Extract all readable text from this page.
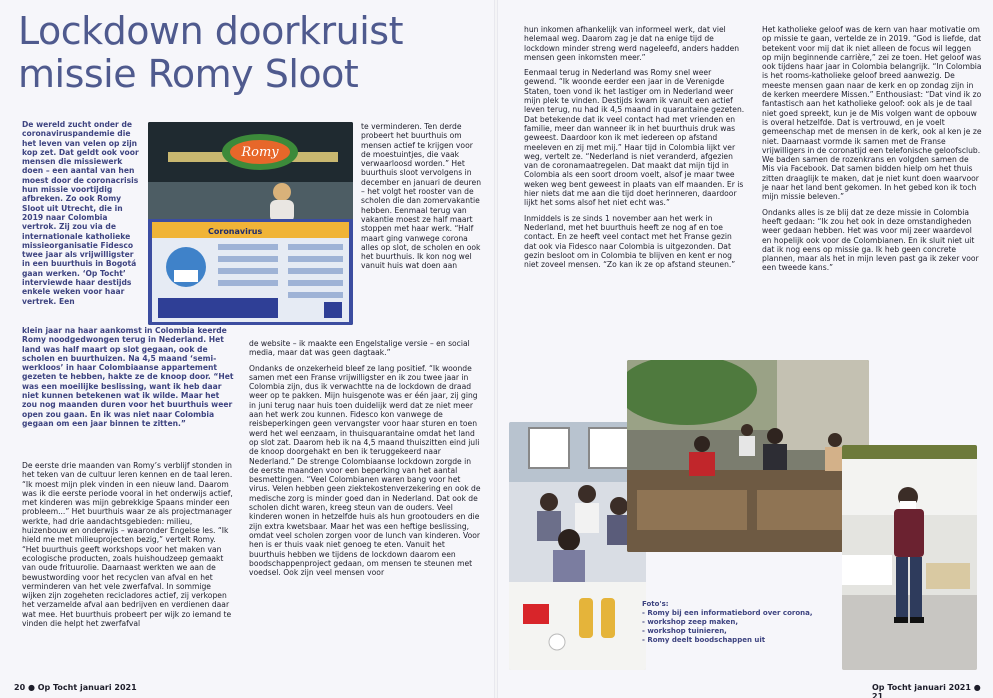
Lockdown doorkruist
missie Romy Sloot

De wereld zucht onder de coronaviruspandemie die het leven van velen op zijn kop zet. Dat geldt ook voor mensen die missiewerk doen – een aantal van hen moest door de coronacrisis hun missie voortijdig afbreken. Zo ook Romy Sloot uit Utrecht, die in 2019 naar Colombia vertrok. Zij zou via de internationale katholieke missieorganisatie Fidesco twee jaar als vrijwilligster in een buurthuis in Bogotá gaan werken. ‘Op Tocht’ interviewde haar destijds enkele weken voor haar vertrek. Een

klein jaar na haar aankomst in Colombia keerde Romy noodgedwongen terug in Nederland. Het land was half maart op slot gegaan, ook de scholen en buurthuizen. Na 4,5 maand ‘semi-werkloos’ in haar Colombiaanse appartement gezeten te hebben, hakte ze de knoop door. “Het was een moeilijke beslissing, want ik heb daar niet kunnen betekenen wat ik wilde. Maar het zou nog maanden duren voor het buurthuis weer open zou gaan. En ik was niet naar Colombia gegaan om een jaar binnen te zitten.”

De eerste drie maanden van Romy’s verblijf stonden in het teken van de cultuur leren kennen en de taal leren. “Ik moest mijn plek vinden in een nieuw land. Daarom was ik die eerste periode vooral in het onderwijs actief, met kinderen was mijn gebrekkige Spaans minder een probleem...” Het buurthuis waar ze als projectmanager werkte, had drie aandachtsgebieden: milieu, huizenbouw en onderwijs – waaronder Engelse les. “Ik hield me met milieuprojecten bezig,” vertelt Romy. “Het buurthuis geeft workshops voor het maken van ecologische producten, zoals huishoudzeep gemaakt van oude frituurolie. Daarnaast werkten we aan de bewustwording voor het recyclen van afval en het verminderen van het vele zwerfafval. In sommige wijken zijn zogeheten recicladores actief, zij verkopen het verzamelde afval aan bedrijven en verdienen daar wat mee. Het buurthuis probeert per wijk zo iemand te vinden die helpt het zwerfafval

Romy
Coronavirus

te verminderen. Ten derde probeert het buurthuis om mensen actief te krijgen voor de moestuintjes, die vaak verwaarloosd worden.” Het buurthuis sloot vervolgens in december en januari de deuren – het volgt het rooster van de scholen die dan zomervakantie hebben. Eenmaal terug van vakantie moest ze half maart stoppen met haar werk. “Half maart ging vanwege corona alles op slot, de scholen en ook het buurthuis. Ik kon nog wel vanuit huis wat doen aan

de website – ik maakte een Engelstalige versie – en social media, maar dat was geen dagtaak.”

Ondanks de onzekerheid bleef ze lang positief. “Ik woonde samen met een Franse vrijwilligster en ik zou twee jaar in Colombia zijn, dus ik verwachtte na de lockdown de draad weer op te pakken. Mijn huisgenote was er één jaar, zij ging in juni terug naar huis toen duidelijk werd dat ze niet meer aan het werk zou kunnen. Fidesco kon vanwege de reisbeperkingen geen vervangster voor haar sturen en toen werd het wel eenzaam, in thuisquarantaine omdat het land op slot zat. Daarom heb ik na 4,5 maand thuiszitten eind juli de knoop doorgehakt en ben ik teruggekeerd naar Nederland.” De strenge Colombiaanse lockdown zorgde in de eerste maanden voor een beperking van het aantal besmettingen. “Veel Colombianen waren bang voor het virus. Velen hebben geen ziektekostenverzekering en ook de medische zorg is minder goed dan in Nederland. Dat ook de scholen dicht waren, kreeg steun van de ouders. Veel kinderen wonen in hetzelfde huis als hun grootouders en die zijn extra kwetsbaar. Maar het was een heftige beslissing, omdat veel scholen zorgen voor de lunch van kinderen. Voor hen is er thuis vaak niet genoeg te eten. Vanuit het buurthuis hebben we tijdens de lockdown daarom een boodschappenproject gedaan, om mensen te steunen met voedsel. Ook zijn veel mensen voor

hun inkomen afhankelijk van informeel werk, dat viel helemaal weg. Daarom zag je dat na enige tijd de lockdown minder streng werd nageleefd, anders hadden mensen geen inkomsten meer.”

Eenmaal terug in Nederland was Romy snel weer gewend. “Ik woonde eerder een jaar in de Verenigde Staten, toen vond ik het lastiger om in Nederland weer mijn plek te vinden. Destijds kwam ik vanuit een actief leven terug, nu had ik 4,5 maand in quarantaine gezeten. Dat betekende dat ik veel contact had met vrienden en familie, meer dan wanneer ik in het buurthuis druk was geweest. Daardoor kon ik met iedereen op afstand meeleven en zij met mij.” Haar tijd in Colombia lijkt ver weg, vertelt ze. “Nederland is niet veranderd, afgezien van de coronamaatregelen. Dat maakt dat mijn tijd in Colombia als een soort droom voelt, alsof je maar twee weken weg bent geweest in plaats van elf maanden. Er is hier niets dat me aan die tijd doet herinneren, daardoor lijkt het soms alsof het niet echt was.”

Inmiddels is ze sinds 1 november aan het werk in Nederland, met het buurthuis heeft ze nog af en toe contact. En ze heeft veel contact met het Franse gezin dat ook via Fidesco naar Colombia is uitgezonden. Dat gezin besloot om in Colombia te blijven en kent er nog niet zoveel mensen. “Zo kan ik ze op afstand steunen.”

Het katholieke geloof was de kern van haar motivatie om op missie te gaan, vertelde ze in 2019. “God is liefde, dat betekent voor mij dat ik niet alleen de focus wil leggen op mijn beginnende carrière,” zei ze toen. Het geloof was ook tijdens haar jaar in Colombia belangrijk. “In Colombia is het rooms-katholieke geloof breed aanwezig. De meeste mensen gaan naar de kerk en op zondag zijn in de kerken meerdere Missen.” Enthousiast: “Dat vind ik zo fantastisch aan het katholieke geloof: ook als je de taal niet goed spreekt, kun je de Mis volgen want de opbouw is overal hetzelfde. Dat is vertrouwd, en je voelt gemeenschap met de mensen in de kerk, ook al ken je ze niet. Daarnaast vormde ik samen met de Franse vrijwilligers in de coronatijd een telefonische geloofsclub. We baden samen de rozenkrans en volgden samen de Mis via Facebook. Dat samen bidden hielp om het thuis zitten draaglijk te maken, dat je niet kunt doen waarvoor je naar het land bent gekomen. In het gebed kon ik toch mijn missie beleven.”

Ondanks alles is ze blij dat ze deze missie in Colombia heeft gedaan: “Ik zou het ook in deze omstandigheden weer gedaan hebben. Het was voor mij zeer waardevol en hopelijk ook voor de Colombianen. En ik sluit niet uit dat ik nog eens op missie ga. Ik heb geen concrete plannen, maar als het in mijn leven past ga ik zeker voor een tweede kans.”

Foto's:
- Romy bij een informatiebord over corona,
- workshop zeep maken,
- workshop tuinieren,
- Romy deelt boodschappen uit
20 ● Op Tocht januari 2021	Op Tocht januari 2021 ● 21
